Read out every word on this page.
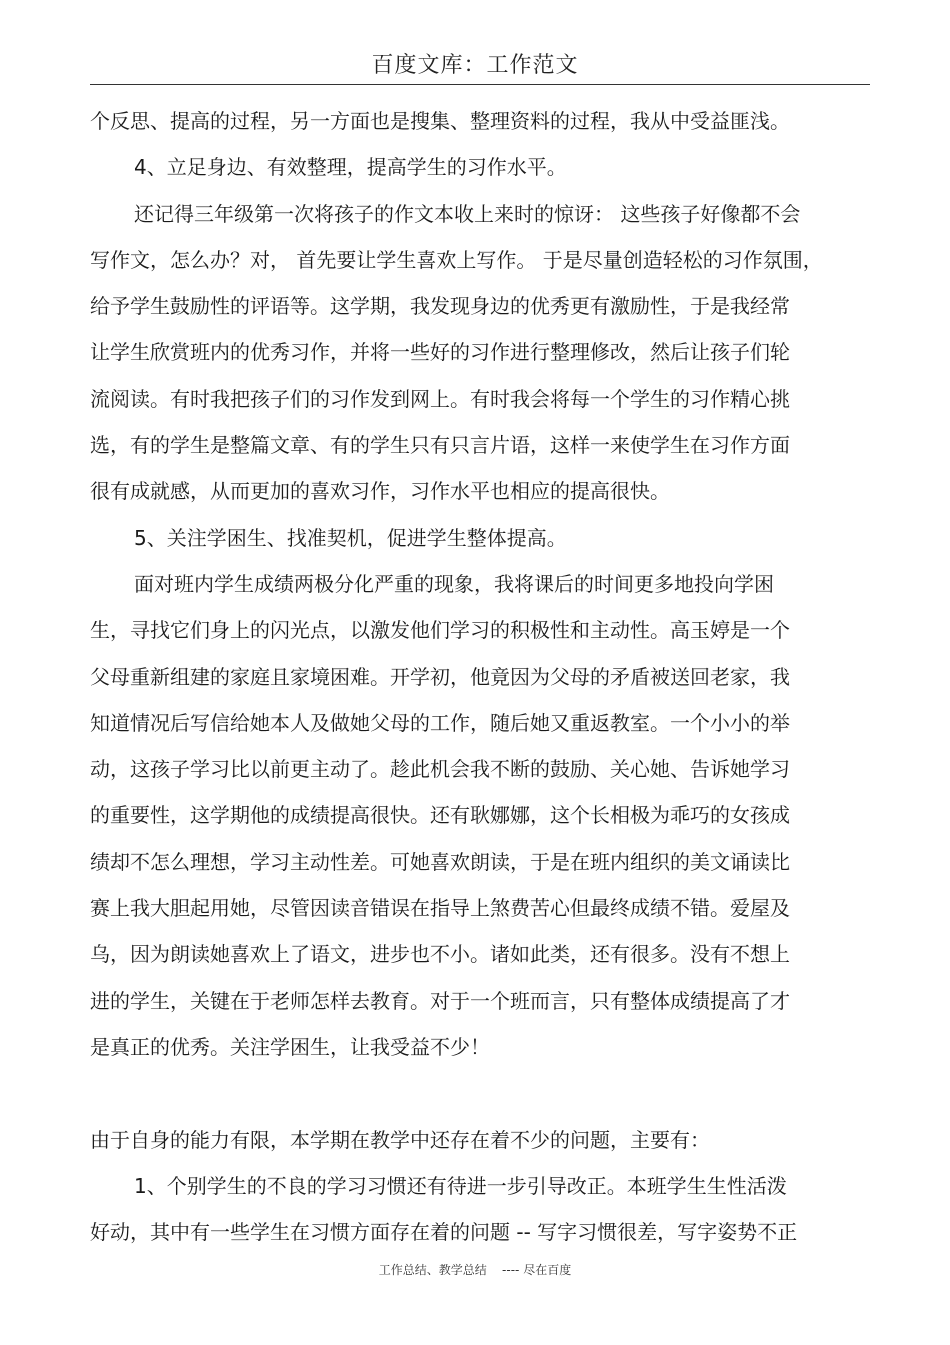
百度文库：工作范文
个反思、提高的过程，另一方面也是搜集、整理资料的过程，我从中受益匪浅。
4、立足身边、有效整理，提高学生的习作水平。
还记得三年级第一次将孩子的作文本收上来时的惊讶： 这些孩子好像都不会
写作文，怎么办？对， 首先要让学生喜欢上写作。 于是尽量创造轻松的习作氛围，
给予学生鼓励性的评语等。这学期，我发现身边的优秀更有激励性，于是我经常
让学生欣赏班内的优秀习作，并将一些好的习作进行整理修改，然后让孩子们轮
流阅读。有时我把孩子们的习作发到网上。有时我会将每一个学生的习作精心挑
选，有的学生是整篇文章、有的学生只有只言片语，这样一来使学生在习作方面
很有成就感，从而更加的喜欢习作，习作水平也相应的提高很快。
5、关注学困生、找准契机，促进学生整体提高。
面对班内学生成绩两极分化严重的现象，我将课后的时间更多地投向学困
生，寻找它们身上的闪光点，以激发他们学习的积极性和主动性。高玉婷是一个
父母重新组建的家庭且家境困难。开学初，他竟因为父母的矛盾被送回老家，我
知道情况后写信给她本人及做她父母的工作，随后她又重返教室。一个小小的举
动，这孩子学习比以前更主动了。趁此机会我不断的鼓励、关心她、告诉她学习
的重要性，这学期他的成绩提高很快。还有耿娜娜，这个长相极为乖巧的女孩成
绩却不怎么理想，学习主动性差。可她喜欢朗读，于是在班内组织的美文诵读比
赛上我大胆起用她，尽管因读音错误在指导上煞费苦心但最终成绩不错。爱屋及
乌，因为朗读她喜欢上了语文，进步也不小。诸如此类，还有很多。没有不想上
进的学生，关键在于老师怎样去教育。对于一个班而言，只有整体成绩提高了才
是真正的优秀。关注学困生，让我受益不少！
由于自身的能力有限，本学期在教学中还存在着不少的问题，主要有：
1、个别学生的不良的学习习惯还有待进一步引导改正。本班学生生性活泼
好动，其中有一些学生在习惯方面存在着的问题 -- 写字习惯很差，写字姿势不正
工作总结、教学总结    ---- 尽在百度
